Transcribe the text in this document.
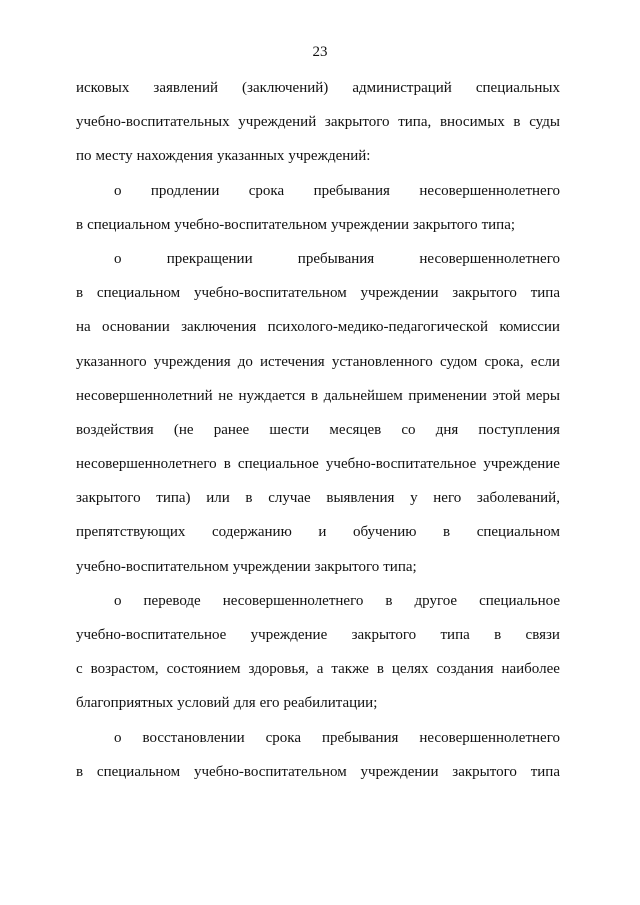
23
исковых заявлений (заключений) администраций специальных
учебно-воспитательных учреждений закрытого типа, вносимых в суды
по месту нахождения указанных учреждений:
о продлении срока пребывания несовершеннолетнего
в специальном учебно-воспитательном учреждении закрытого типа;
о	прекращении	пребывания	несовершеннолетнего
в специальном учебно-воспитательном учреждении закрытого типа
на основании заключения психолого-медико-педагогической комиссии
указанного учреждения до истечения установленного судом срока, если
несовершеннолетний не нуждается в дальнейшем применении этой меры
воздействия (не ранее шести месяцев со дня поступления
несовершеннолетнего в специальное учебно-воспитательное учреждение
закрытого типа) или в случае выявления у него заболеваний,
препятствующих содержанию и обучению в специальном
учебно-воспитательном учреждении закрытого типа;
о переводе несовершеннолетнего в другое специальное
учебно-воспитательное учреждение закрытого типа в связи
с возрастом, состоянием здоровья, а также в целях создания наиболее
благоприятных условий для его реабилитации;
о восстановлении срока пребывания несовершеннолетнего
в специальном учебно-воспитательном учреждении закрытого типа
